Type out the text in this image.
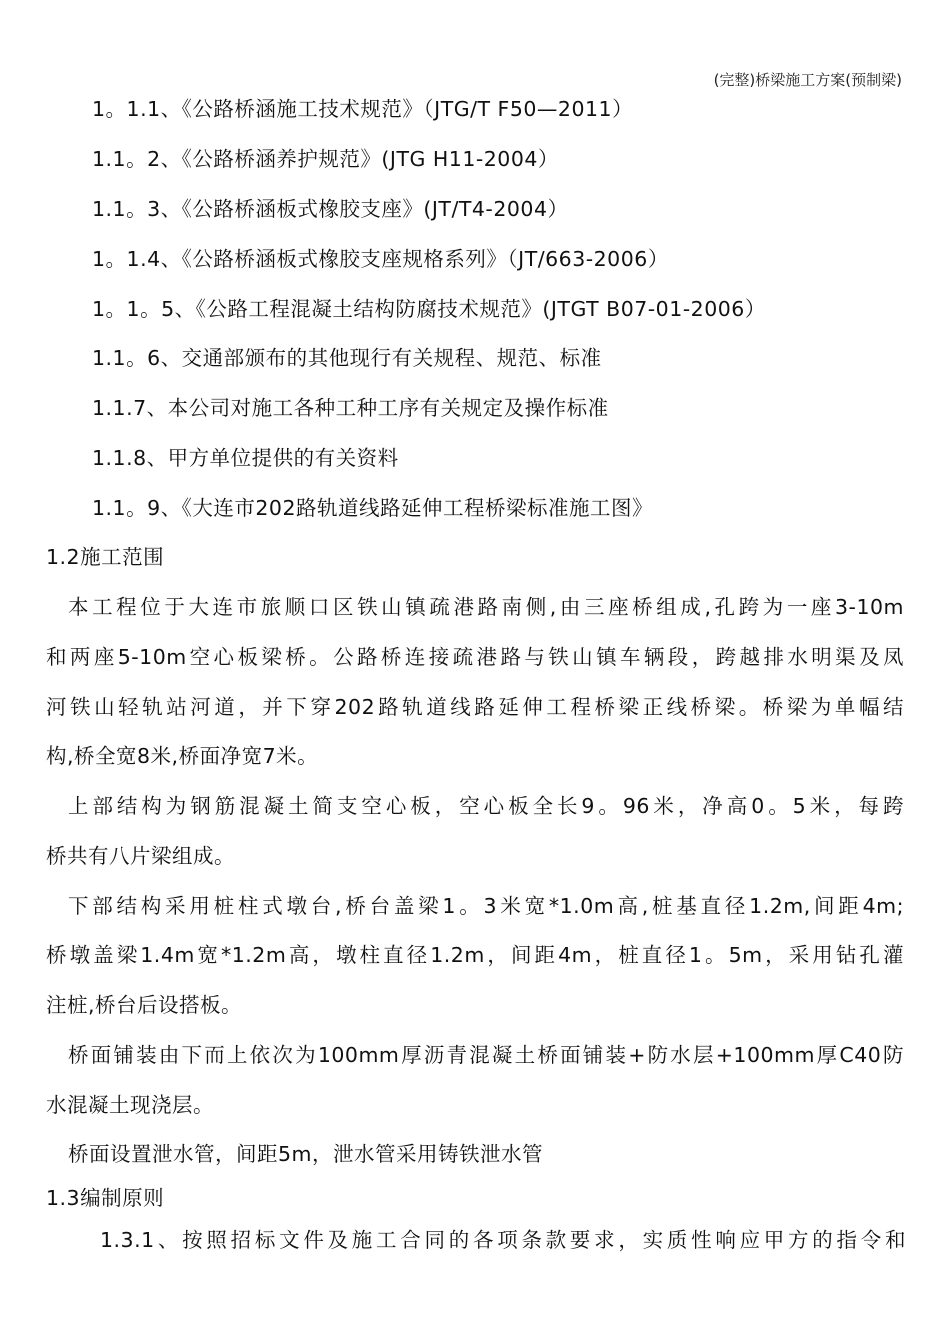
(完整)桥梁施工方案(预制梁)
1。1.1、《公路桥涵施工技术规范》（JTG/T F50—2011）
1.1。2、《公路桥涵养护规范》(JTG H11-2004）
1.1。3、《公路桥涵板式橡胶支座》(JT/T4-2004）
1。1.4、《公路桥涵板式橡胶支座规格系列》（JT/663-2006）
1。1。5、《公路工程混凝土结构防腐技术规范》(JTGT B07-01-2006）
1.1。6、交通部颁布的其他现行有关规程、规范、标准
1.1.7、本公司对施工各种工种工序有关规定及操作标准
1.1.8、甲方单位提供的有关资料
1.1。9、《大连市202路轨道线路延伸工程桥梁标准施工图》
1.2施工范围
本工程位于大连市旅顺口区铁山镇疏港路南侧,由三座桥组成,孔跨为一座3-10m
和两座5-10m空心板梁桥。公路桥连接疏港路与铁山镇车辆段，跨越排水明渠及凤
河铁山轻轨站河道，并下穿202路轨道线路延伸工程桥梁正线桥梁。桥梁为单幅结
构,桥全宽8米,桥面净宽7米。
上部结构为钢筋混凝土简支空心板，空心板全长9。96米，净高0。5米，每跨
桥共有八片梁组成。
下部结构采用桩柱式墩台,桥台盖梁1。3米宽*1.0m高,桩基直径1.2m,间距4m;
桥墩盖梁1.4m宽*1.2m高，墩柱直径1.2m，间距4m，桩直径1。5m，采用钻孔灌
注桩,桥台后设搭板。
桥面铺装由下而上依次为100mm厚沥青混凝土桥面铺装+防水层+100mm厚C40防
水混凝土现浇层。
桥面设置泄水管，间距5m，泄水管采用铸铁泄水管
1.3编制原则
1.3.1、按照招标文件及施工合同的各项条款要求，实质性响应甲方的指令和
